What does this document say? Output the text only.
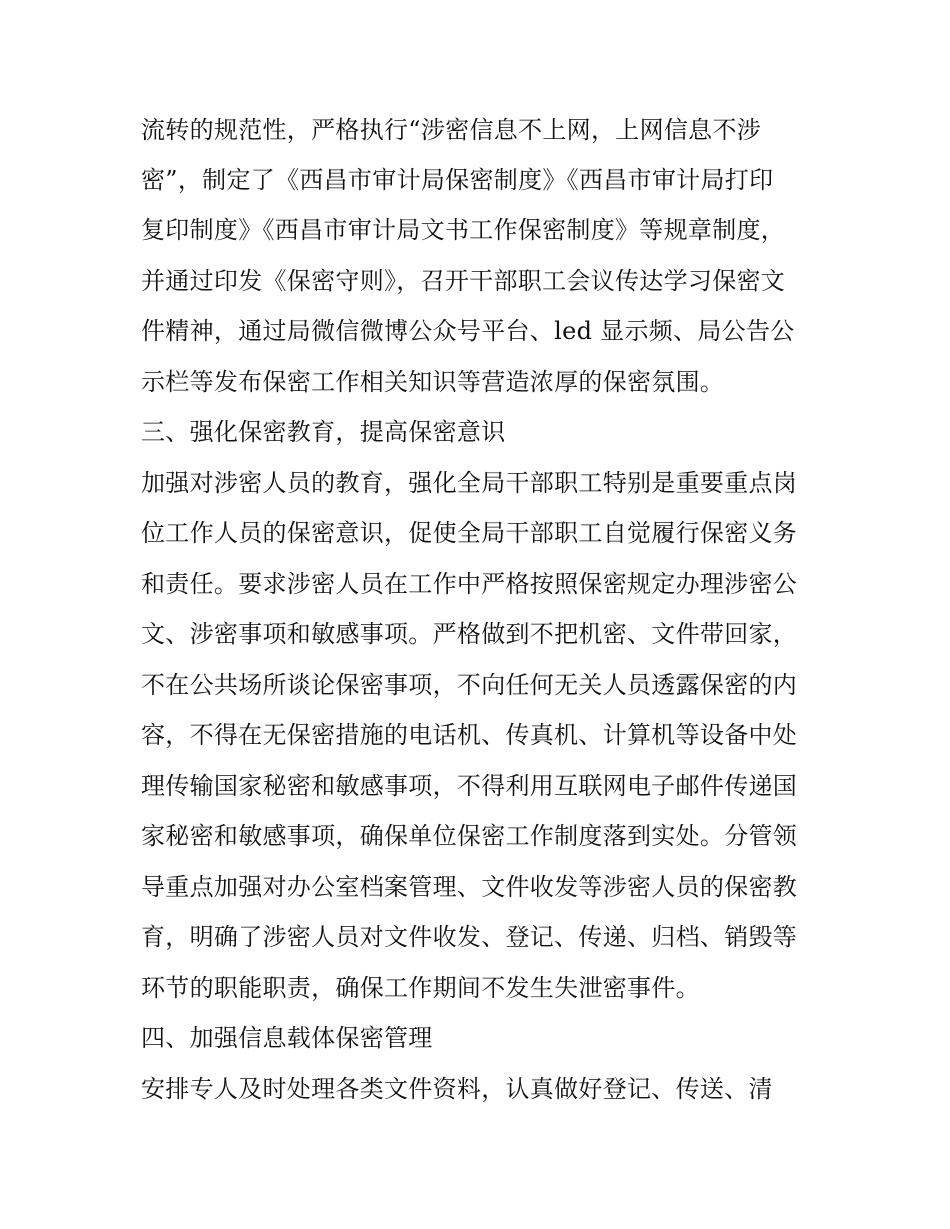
流转的规范性，严格执行“涉密信息不上网，上网信息不涉

密”，制定了《西昌市审计局保密制度》《西昌市审计局打印

复印制度》《西昌市审计局文书工作保密制度》等规章制度，

并通过印发《保密守则》，召开干部职工会议传达学习保密文

件精神，通过局微信微博公众号平台、led 显示频、局公告公

示栏等发布保密工作相关知识等营造浓厚的保密氛围。

三、强化保密教育，提高保密意识

加强对涉密人员的教育，强化全局干部职工特别是重要重点岗

位工作人员的保密意识，促使全局干部职工自觉履行保密义务

和责任。要求涉密人员在工作中严格按照保密规定办理涉密公

文、涉密事项和敏感事项。严格做到不把机密、文件带回家，

不在公共场所谈论保密事项，不向任何无关人员透露保密的内

容，不得在无保密措施的电话机、传真机、计算机等设备中处

理传输国家秘密和敏感事项，不得利用互联网电子邮件传递国

家秘密和敏感事项，确保单位保密工作制度落到实处。分管领

导重点加强对办公室档案管理、文件收发等涉密人员的保密教

育，明确了涉密人员对文件收发、登记、传递、归档、销毁等

环节的职能职责，确保工作期间不发生失泄密事件。

四、加强信息载体保密管理

安排专人及时处理各类文件资料，认真做好登记、传送、清
